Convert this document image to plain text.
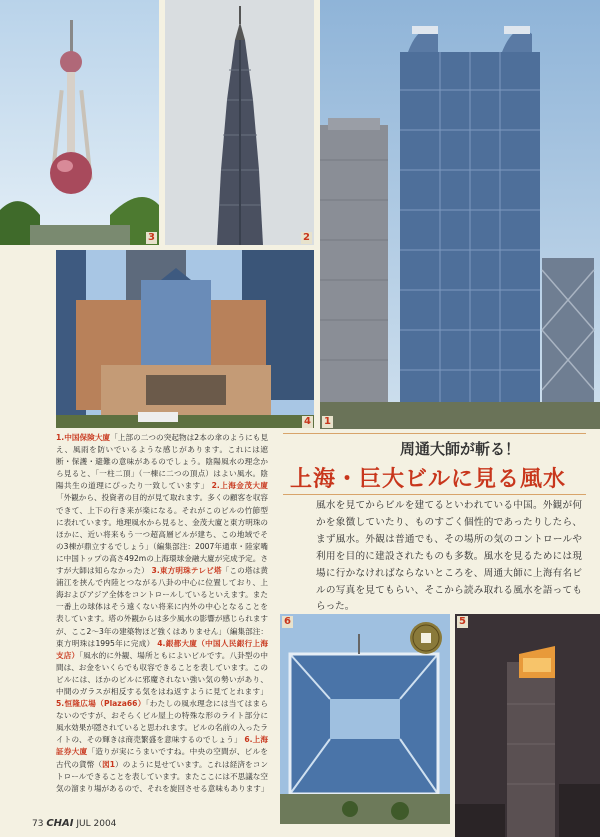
3	2
1
4
1.中国保険大廈「上部の二つの突起物は2本の傘のようにも見え、風雨を防いでいるような感じがあります。これには遮断・保護・避難の意味があるのでしょう。陰陽風水の理念から見ると、「一柱二頂」（一棟に二つの頂点）はよい風水。陰陽共生の道理にぴったり一致しています」 2.上海金茂大廈「外観から、投資者の目的が見て取れます。多くの顧客を収容できて、上下の行き来が楽になる。それがこのビルの竹節型に表れています。地理風水から見ると、金茂大廈と東方明珠のほかに、近い将来もう一つ超高層ビルが建ち、この地域でその3棟が鼎立するでしょう」（編集部注：2007年通車・陸家嘴に中国トップの高さ492mの上海環球金融大廈が完成予定。さすが大師は知らなかった） 3.東方明珠テレビ塔「この塔は黄浦江を挟んで内陸とつながる八卦の中心に位置しており、上海およびアジア全体をコントロールしているといえます。また一番上の球体はそう遠くない将来に内外の中心となることを表しています。塔の外観からは多少風水の影響が感じられますが、ここ2〜3年の建築物ほど強くはありません」（編集部注：東方明珠は1995年に完成） 4.銀都大廈（中国人民銀行上海支店）「風水的に外観、場所ともによいビルです。八卦型の中間は、お金をいくらでも収容できることを表しています。このビルには、ほかのビルに邪魔されない強い気の勢いがあり、中間のガラスが相反する気をはね返すように見てとれます」 5.恒隆広場（Plaza66）「わたしの風水理念には当てはまらないのですが、おそらくビル屋上の特殊な形のライト部分に風水効果が隠されていると思われます。ビルの名前の入ったライトの、その輝きは商売繁盛を意味するのでしょう」 6.上海証券大廈「造りが実にうまいですね。中央の空間が、ビルを古代の貨幣（図1）のように見せています。これは経済をコントロールできることを表しています。またここには不思議な空気の溜まり場があるので、それを旋回させる意味もあります」
周通大師が斬る！
上海・巨大ビルに見る風水
風水を見てからビルを建てるといわれている中国。外観が何かを象徴していたり、ものすごく個性的であったりしたら、まず風水。外観は普通でも、その場所の気のコントロールや利用を目的に建設されたものも多数。風水を見るためには現場に行かなければならないところを、周通大師に上海有名ビルの写真を見てもらい、そこから読み取れる風水を語ってもらった。
6	5
73 CHAI JUL 2004
